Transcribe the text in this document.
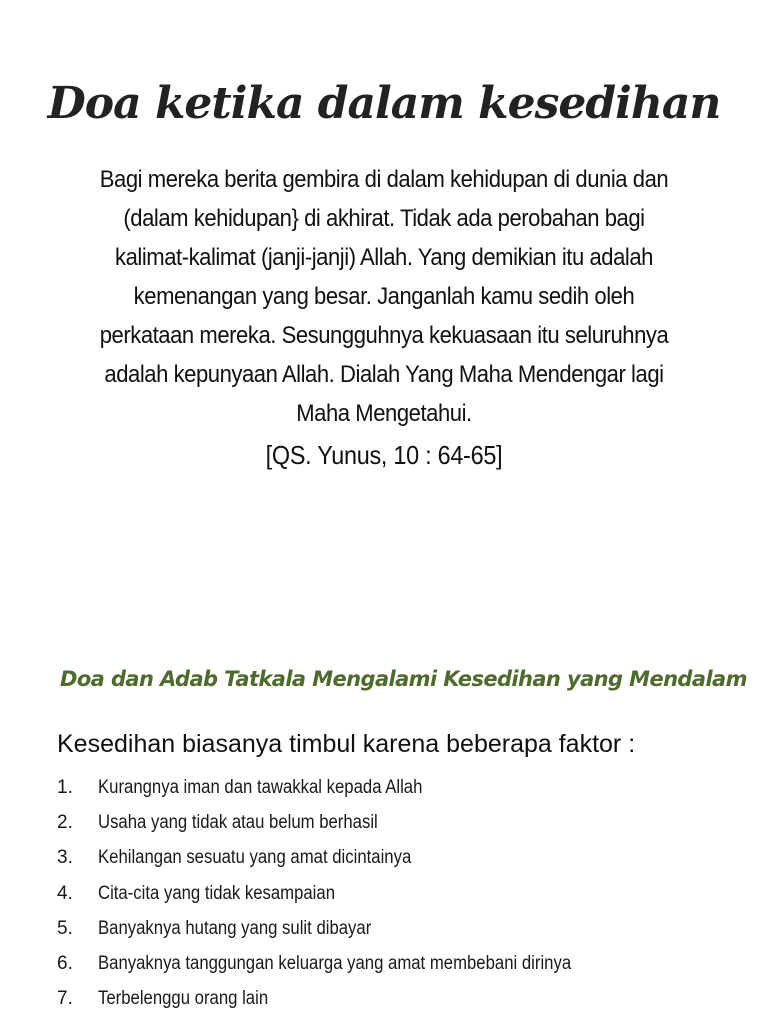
Doa ketika dalam kesedihan

Bagi mereka berita gembira di dalam kehidupan di dunia dan (dalam kehidupan} di akhirat. Tidak ada perobahan bagi kalimat-kalimat (janji-janji) Allah. Yang demikian itu adalah kemenangan yang besar. Janganlah kamu sedih oleh perkataan mereka. Sesungguhnya kekuasaan itu seluruhnya adalah kepunyaan Allah. Dialah Yang Maha Mendengar lagi Maha Mengetahui.

[QS. Yunus, 10 : 64-65]

Doa dan Adab Tatkala Mengalami Kesedihan yang Mendalam

Kesedihan biasanya timbul karena beberapa faktor :

1.	Kurangnya iman dan tawakkal kepada Allah
2.	Usaha yang tidak atau belum berhasil
3.	Kehilangan sesuatu yang amat dicintainya
4.	Cita-cita yang tidak kesampaian
5.	Banyaknya hutang yang sulit dibayar
6.	Banyaknya tanggungan keluarga yang amat membebani dirinya
7.	Terbelenggu orang lain
